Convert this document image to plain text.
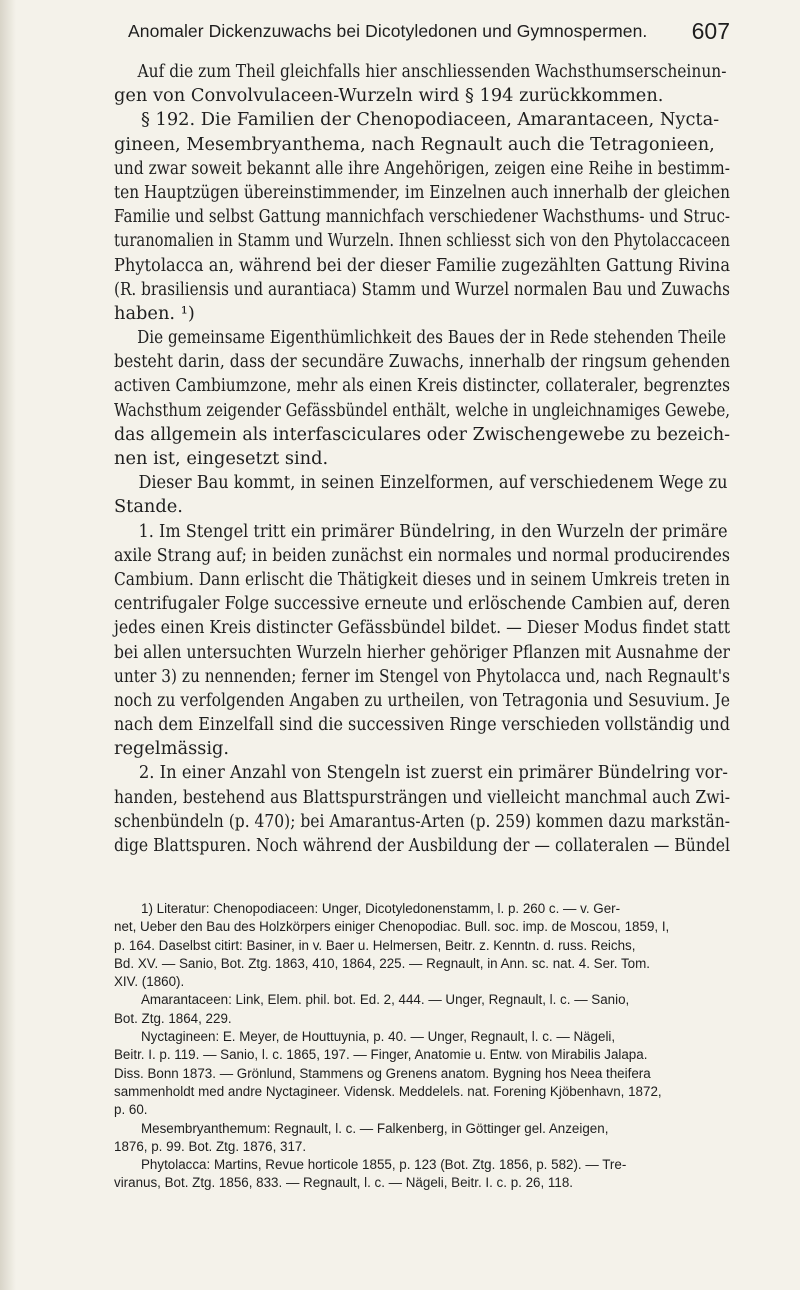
Anomaler Dickenzuwachs bei Dicotyledonen und Gymnospermen. 607
Auf die zum Theil gleichfalls hier anschliessenden Wachsthumserscheinun-
gen von Convolvulaceen-Wurzeln wird § 194 zurückkommen.
§ 192. Die Familien der Chenopodiaceen, Amarantaceen, Nycta-
gineen, Mesembryanthema, nach Regnault auch die Tetragonieen,
und zwar soweit bekannt alle ihre Angehörigen, zeigen eine Reihe in bestimm-
ten Hauptzügen übereinstimmender, im Einzelnen auch innerhalb der gleichen
Familie und selbst Gattung mannichfach verschiedener Wachsthums- und Struc-
turanomalien in Stamm und Wurzeln. Ihnen schliesst sich von den Phytolaccaceen
Phytolacca an, während bei der dieser Familie zugezählten Gattung Rivina
(R. brasiliensis und aurantiaca) Stamm und Wurzel normalen Bau und Zuwachs
haben. ¹)
Die gemeinsame Eigenthümlichkeit des Baues der in Rede stehenden Theile
besteht darin, dass der secundäre Zuwachs, innerhalb der ringsum gehenden
activen Cambiumzone, mehr als einen Kreis distincter, collateraler, begrenztes
Wachsthum zeigender Gefässbündel enthält, welche in ungleichnamiges Gewebe,
das allgemein als interfasciculares oder Zwischengewebe zu bezeich-
nen ist, eingesetzt sind.
Dieser Bau kommt, in seinen Einzelformen, auf verschiedenem Wege zu
Stande.
1. Im Stengel tritt ein primärer Bündelring, in den Wurzeln der primäre
axile Strang auf; in beiden zunächst ein normales und normal producirendes
Cambium. Dann erlischt die Thätigkeit dieses und in seinem Umkreis treten in
centrifugaler Folge successive erneute und erlöschende Cambien auf, deren
jedes einen Kreis distincter Gefässbündel bildet. — Dieser Modus findet statt
bei allen untersuchten Wurzeln hierher gehöriger Pflanzen mit Ausnahme der
unter 3) zu nennenden; ferner im Stengel von Phytolacca und, nach Regnault's
noch zu verfolgenden Angaben zu urtheilen, von Tetragonia und Sesuvium. Je
nach dem Einzelfall sind die successiven Ringe verschieden vollständig und
regelmässig.
2. In einer Anzahl von Stengeln ist zuerst ein primärer Bündelring vor-
handen, bestehend aus Blattspursträngen und vielleicht manchmal auch Zwi-
schenbündeln (p. 470); bei Amarantus-Arten (p. 259) kommen dazu markstän-
dige Blattspuren. Noch während der Ausbildung der — collateralen — Bündel
1) Literatur: Chenopodiaceen: Unger, Dicotyledonenstamm, l. p. 260 c. — v. Ger-
net, Ueber den Bau des Holzkörpers einiger Chenopodiac. Bull. soc. imp. de Moscou, 1859, I,
p. 164. Daselbst citirt: Basiner, in v. Baer u. Helmersen, Beitr. z. Kenntn. d. russ. Reichs,
Bd. XV. — Sanio, Bot. Ztg. 1863, 410, 1864, 225. — Regnault, in Ann. sc. nat. 4. Ser. Tom.
XIV. (1860).
Amarantaceen: Link, Elem. phil. bot. Ed. 2, 444. — Unger, Regnault, l. c. — Sanio,
Bot. Ztg. 1864, 229.
Nyctagineen: E. Meyer, de Houttuynia, p. 40. — Unger, Regnault, l. c. — Nägeli,
Beitr. I. p. 119. — Sanio, l. c. 1865, 197. — Finger, Anatomie u. Entw. von Mirabilis Jalapa.
Diss. Bonn 1873. — Grönlund, Stammens og Grenens anatom. Bygning hos Neea theifera
sammenholdt med andre Nyctagineer. Vidensk. Meddelels. nat. Forening Kjöbenhavn, 1872,
p. 60.
Mesembryanthemum: Regnault, l. c. — Falkenberg, in Göttinger gel. Anzeigen,
1876, p. 99. Bot. Ztg. 1876, 317.
Phytolacca: Martins, Revue horticole 1855, p. 123 (Bot. Ztg. 1856, p. 582). — Tre-
viranus, Bot. Ztg. 1856, 833. — Regnault, l. c. — Nägeli, Beitr. I. c. p. 26, 118.
